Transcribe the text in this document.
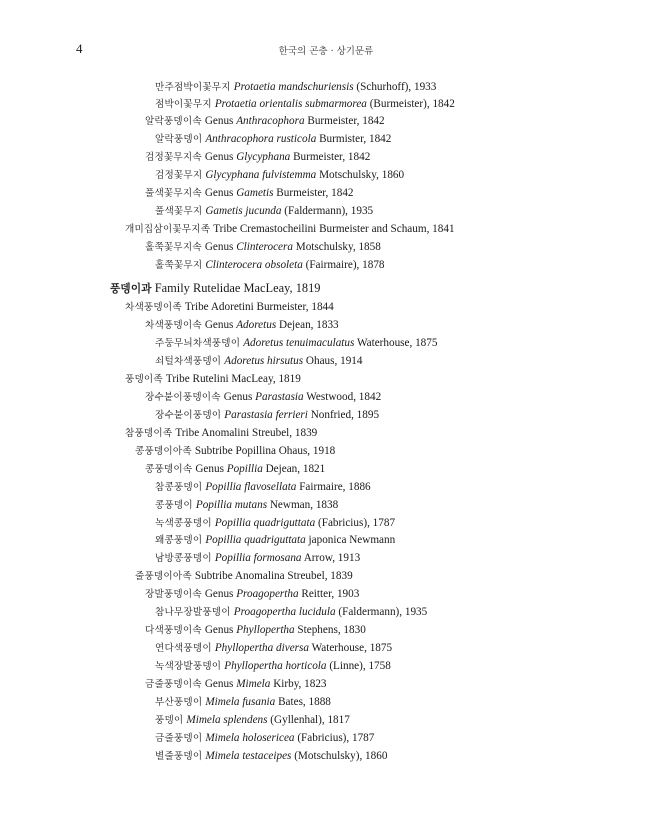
4	한국의 곤충 · 상기문류
만주점박이꽃무지 Protaetia mandschuriensis (Schurhoff), 1933
점박이꽃무지 Protaetia orientalis submarmorea (Burmeister), 1842
알락풍뎅이속 Genus Anthracophora Burmeister, 1842
알락풍뎅이 Anthracophora rusticola Burmister, 1842
검정꽃무지속 Genus Glycyphana Burmeister, 1842
검정꽃무지 Glycyphana fulvistemma Motschulsky, 1860
풀색꽃무지속 Genus Gametis Burmeister, 1842
풀색꽃무지 Gametis jucunda (Faldermann), 1935
개미집삼이꽃무지족 Tribe Cremastocheilini Burmeister and Schaum, 1841
홀쭉꽃무지속 Genus Clinterocera Motschulsky, 1858
홀쭉꽃무지 Clinterocera obsoleta (Fairmaire), 1878
풍뎅이과 Family Rutelidae MacLeay, 1819
차색풍뎅이족 Tribe Adoretini Burmeister, 1844
차색풍뎅이속 Genus Adoretus Dejean, 1833
주둥무늬차색풍뎅이 Adoretus tenuimaculatus Waterhouse, 1875
쇠털차색풍뎅이 Adoretus hirsutus Ohaus, 1914
풍뎅이족 Tribe Rutelini MacLeay, 1819
장수붙이풍뎅이속 Genus Parastasia Westwood, 1842
장수붙이풍뎅이 Parastasia ferrieri Nonfried, 1895
참풍뎅이족 Tribe Anomalini Streubel, 1839
콩풍뎅이아족 Subtribe Popillina Ohaus, 1918
콩풍뎅이속 Genus Popillia Dejean, 1821
참콩풍뎅이 Popillia flavosellata Fairmaire, 1886
콩풍뎅이 Popillia mutans Newman, 1838
녹색콩풍뎅이 Popillia quadriguttata (Fabricius), 1787
왜콩풍뎅이 Popillia quadriguttata japonica Newmann
남방콩풍뎅이 Popillia formosana Arrow, 1913
줄풍뎅이아족 Subtribe Anomalina Streubel, 1839
장발풍뎅이속 Genus Proagopertha Reitter, 1903
참나무장발풍뎅이 Proagopertha lucidula (Faldermann), 1935
다색풍뎅이속 Genus Phyllopertha Stephens, 1830
연다색풍뎅이 Phyllopertha diversa Waterhouse, 1875
녹색장발풍뎅이 Phyllopertha horticola (Linne), 1758
금줄풍뎅이속 Genus Mimela Kirby, 1823
부산풍뎅이 Mimela fusania Bates, 1888
풍뎅이 Mimela splendens (Gyllenhal), 1817
금줄풍뎅이 Mimela holosericea (Fabricius), 1787
별줄풍뎅이 Mimela testaceipes (Motschulsky), 1860
